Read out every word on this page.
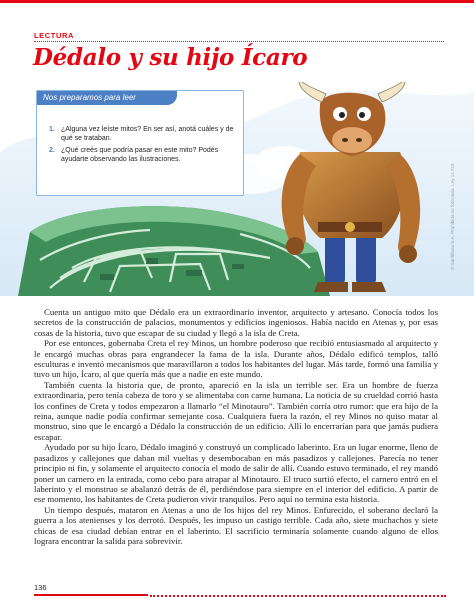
LECTURA
Dédalo y su hijo Ícaro
Nos preparamos para leer
1. ¿Alguna vez leíste mitos? En ser así, anotá cuáles y de qué se trataban.
2. ¿Qué creés que podría pasar en este mito? Podés ayudarte observando las ilustraciones.

Cuenta un antiguo mito que Dédalo era un extraordinario inventor, arquitecto y artesano. Conocía todos los secretos de la construcción de palacios, monumentos y edificios ingeniosos. Había nacido en Atenas y, por esas cosas de la historia, tuvo que escapar de su ciudad y llegó a la isla de Creta.

Por ese entonces, gobernaba Creta el rey Minos, un hombre poderoso que recibió entusiasmado al arquitecto y le encargó muchas obras para engrandecer la fama de la isla. Durante años, Dédalo edificó templos, talló esculturas e inventó mecanismos que maravillaron a todos los habitantes del lugar. Más tarde, formó una familia y tuvo un hijo, Ícaro, al que quería más que a nadie en este mundo.

También cuenta la historia que, de pronto, apareció en la isla un terrible ser. Era un hombre de fuerza extraordinaria, pero tenía cabeza de toro y se alimentaba con carne humana. La noticia de su crueldad corrió hasta los confines de Creta y todos empezaron a llamarlo “el Minotauro”. También corría otro rumor: que era hijo de la reina, aunque nadie podía confirmar semejante cosa. Cualquiera fuera la razón, el rey Minos no quiso matar al monstruo, sino que le encargó a Dédalo la construcción de un edificio. Allí lo encerrarían para que jamás pudiera escapar.

Ayudado por su hijo Ícaro, Dédalo imaginó y construyó un complicado laberinto. Era un lugar enorme, lleno de pasadizos y callejones que daban mil vueltas y desembocaban en más pasadizos y callejones. Parecía no tener principio ni fin, y solamente el arquitecto conocía el modo de salir de allí. Cuando estuvo terminado, el rey mandó poner un carnero en la entrada, como cebo para atrapar al Minotauro. El truco surtió efecto, el carnero entró en el laberinto y el monstruo se abalanzó detrás de él, perdiéndose para siempre en el interior del edificio. A partir de ese momento, los habitantes de Creta pudieron vivir tranquilos. Pero aquí no termina esta historia.

Un tiempo después, mataron en Atenas a uno de los hijos del rey Minos. Enfurecido, el soberano declaró la guerra a los atenienses y los derrotó. Después, les impuso un castigo terrible. Cada año, siete muchachos y siete chicas de esa ciudad debían entrar en el laberinto. El sacrificio terminaría solamente cuando alguno de ellos lograra encontrar la salida para sobrevivir.

136
